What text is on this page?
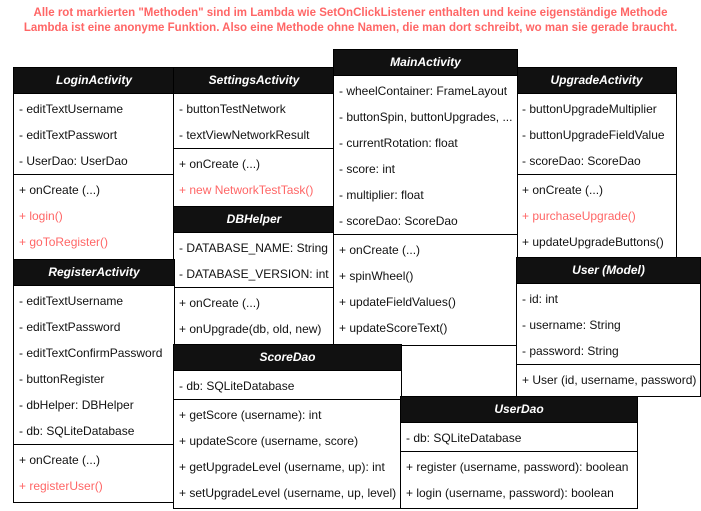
Alle rot markierten "Methoden" sind im Lambda wie SetOnClickListener enthalten und keine eigenständige Methode
Lambda ist eine anonyme Funktion. Also eine Methode ohne Namen, die man dort schreibt, wo man sie gerade braucht.
LoginActivity
- editTextUsername
- editTextPasswort
- UserDao: UserDao
+ onCreate (...)
+ login()
+ goToRegister()
SettingsActivity
- buttonTestNetwork
- textViewNetworkResult
+ onCreate (...)
+ new NetworkTestTask()
UpgradeActivity
- buttonUpgradeMultiplier
- buttonUpgradeFieldValue
- scoreDao: ScoreDao
+ onCreate (...)
+ purchaseUpgrade()
+ updateUpgradeButtons()
DBHelper
- DATABASE_NAME: String
- DATABASE_VERSION: int
+ onCreate (...)
+ onUpgrade(db, old, new)
RegisterActivity
- editTextUsername
- editTextPassword
- editTextConfirmPassword
- buttonRegister
- dbHelper: DBHelper
- db: SQLiteDatabase
+ onCreate (...)
+ registerUser()
MainActivity
- wheelContainer: FrameLayout
- buttonSpin, buttonUpgrades, ...
- currentRotation: float
- score: int
- multiplier: float
- scoreDao: ScoreDao
+ onCreate (...)
+ spinWheel()
+ updateFieldValues()
+ updateScoreText()
User (Model)
- id: int
- username: String
- password: String
+ User (id, username, password)
ScoreDao
- db: SQLiteDatabase
+ getScore (username): int
+ updateScore (username, score)
+ getUpgradeLevel (username, up): int
+ setUpgradeLevel (username, up, level)
UserDao
- db: SQLiteDatabase
+ register (username, password): boolean
+ login (username, password): boolean
